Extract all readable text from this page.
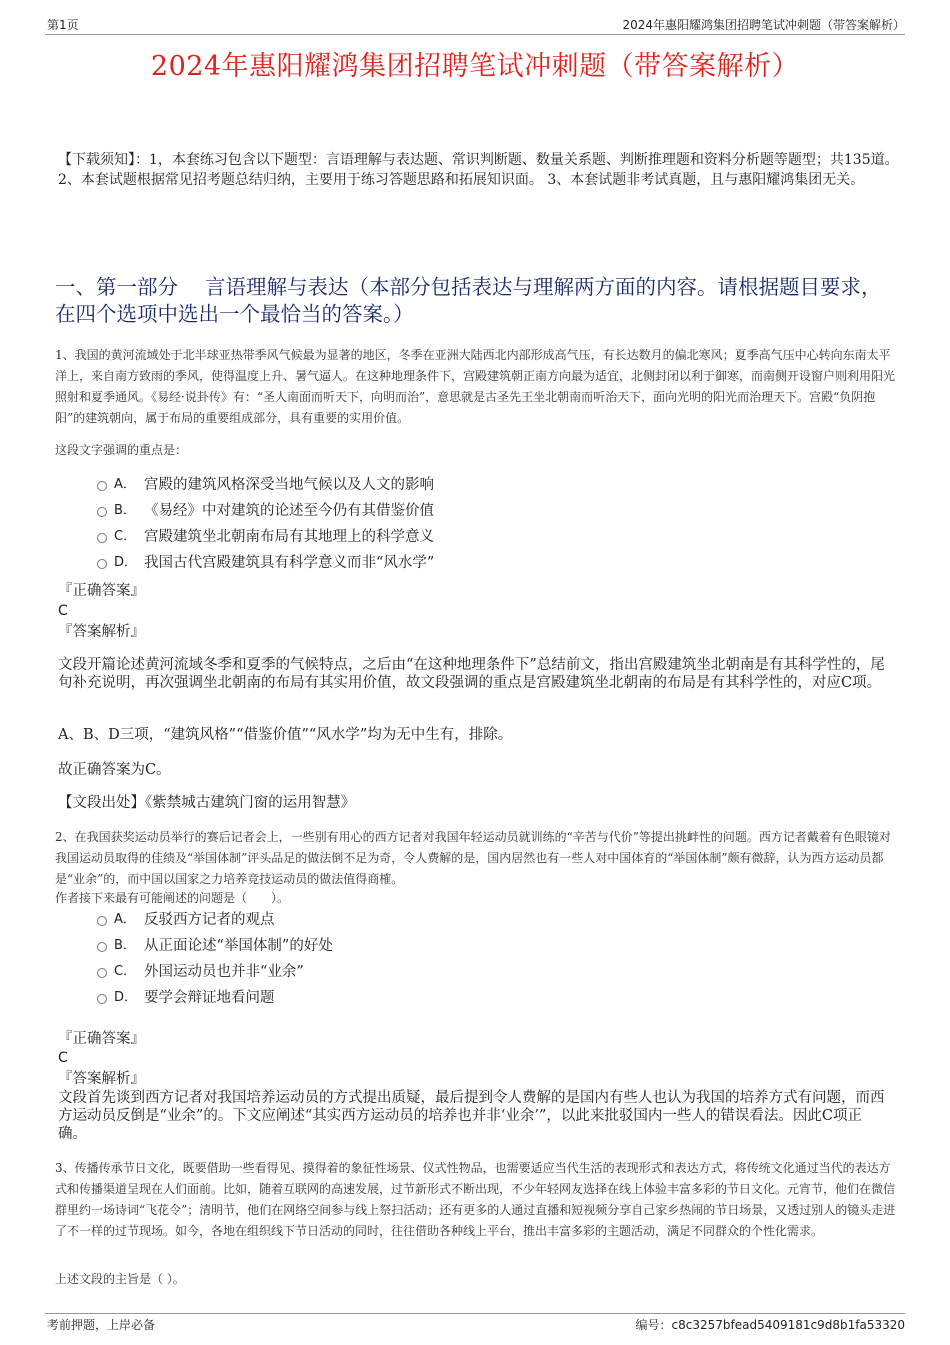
第1页	2024年惠阳耀鸿集团招聘笔试冲刺题（带答案解析）
2024年惠阳耀鸿集团招聘笔试冲刺题（带答案解析）
【下载须知】：1，本套练习包含以下题型：言语理解与表达题、常识判断题、数量关系题、判断推理题和资料分析题等题型；共135道。 2、本套试题根据常见招考题总结归纳，主要用于练习答题思路和拓展知识面。 3、本套试题非考试真题，且与惠阳耀鸿集团无关。
一、第一部分　 言语理解与表达（本部分包括表达与理解两方面的内容。请根据题目要求，在四个选项中选出一个最恰当的答案。）
1、我国的黄河流域处于北半球亚热带季风气候最为显著的地区，冬季在亚洲大陆西北内部形成高气压，有长达数月的偏北寒风；夏季高气压中心转向东南太平洋上，来自南方致雨的季风，使得温度上升、暑气逼人。在这种地理条件下，宫殿建筑朝正南方向最为适宜，北侧封闭以利于御寒，而南侧开设窗户则利用阳光照射和夏季通风。《易经·说卦传》有：“圣人南面而听天下，向明而治”，意思就是古圣先王坐北朝南而听治天下，面向光明的阳光而治理天下。宫殿“负阴抱阳”的建筑朝向，属于布局的重要组成部分，具有重要的实用价值。
这段文字强调的重点是：
A． 宫殿的建筑风格深受当地气候以及人文的影响
B． 《易经》中对建筑的论述至今仍有其借鉴价值
C． 宫殿建筑坐北朝南布局有其地理上的科学意义
D． 我国古代宫殿建筑具有科学意义而非“风水学”
『正确答案』
C
『答案解析』
文段开篇论述黄河流域冬季和夏季的气候特点，之后由“在这种地理条件下”总结前文，指出宫殿建筑坐北朝南是有其科学性的，尾句补充说明，再次强调坐北朝南的布局有其实用价值，故文段强调的重点是宫殿建筑坐北朝南的布局是有其科学性的，对应C项。
A、B、D三项，“建筑风格”“借鉴价值”“风水学”均为无中生有，排除。
故正确答案为C。
【文段出处】《紫禁城古建筑门窗的运用智慧》
2、在我国获奖运动员举行的赛后记者会上，一些别有用心的西方记者对我国年轻运动员就训练的“辛苦与代价”等提出挑衅性的问题。西方记者戴着有色眼镜对我国运动员取得的佳绩及“举国体制”评头品足的做法倒不足为奇，令人费解的是，国内居然也有一些人对中国体育的“举国体制”颇有微辞，认为西方运动员都是“业余”的，而中国以国家之力培养竞技运动员的做法值得商榷。
作者接下来最有可能阐述的问题是（　　）。
A． 反驳西方记者的观点
B． 从正面论述“举国体制”的好处
C． 外国运动员也并非“业余”
D． 要学会辩证地看问题
『正确答案』
C
『答案解析』
文段首先谈到西方记者对我国培养运动员的方式提出质疑，最后提到令人费解的是国内有些人也认为我国的培养方式有问题，而西方运动员反倒是“业余”的。下文应阐述“其实西方运动员的培养也并非‘业余’”，以此来批驳国内一些人的错误看法。因此C项正确。
3、传播传承节日文化，既要借助一些看得见、摸得着的象征性场景、仪式性物品，也需要适应当代生活的表现形式和表达方式，将传统文化通过当代的表达方式和传播渠道呈现在人们面前。比如，随着互联网的高速发展，过节新形式不断出现，不少年轻网友选择在线上体验丰富多彩的节日文化。元宵节，他们在微信群里约一场诗词“飞花令”；清明节，他们在网络空间参与线上祭扫活动；还有更多的人通过直播和短视频分享自己家乡热闹的节日场景，又透过别人的镜头走进了不一样的过节现场。如今，各地在组织线下节日活动的同时，往往借助各种线上平台，推出丰富多彩的主题活动，满足不同群众的个性化需求。
上述文段的主旨是（ ）。
考前押题，上岸必备	编号：c8c3257bfead5409181c9d8b1fa53320
